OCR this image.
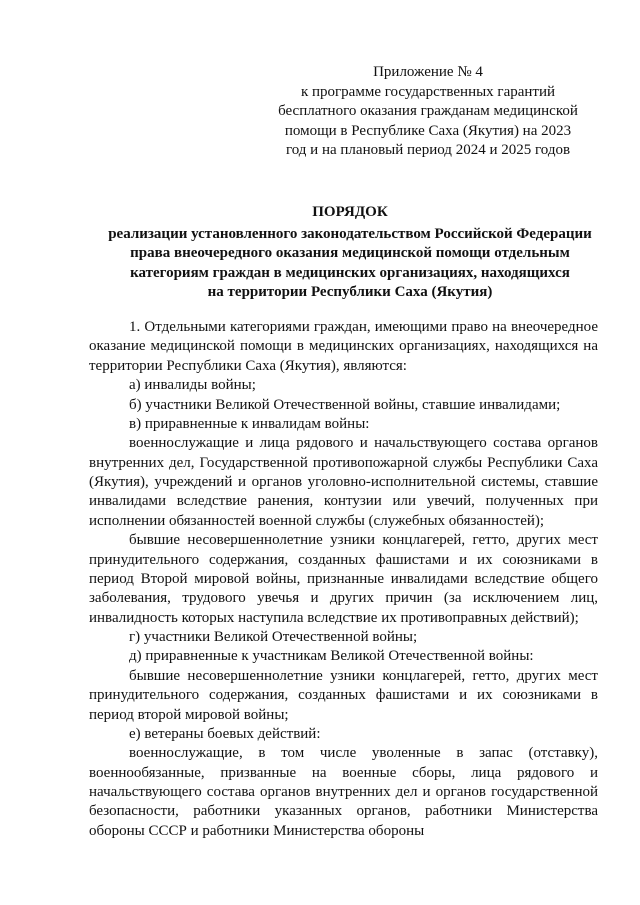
Приложение № 4
к программе государственных гарантий
бесплатного оказания гражданам медицинской
помощи в Республике Саха (Якутия) на 2023
год и на плановый период 2024 и 2025 годов
ПОРЯДОК
реализации установленного законодательством Российской Федерации
права внеочередного оказания медицинской помощи отдельным
категориям граждан в медицинских организациях, находящихся
на территории Республики Саха (Якутия)

1. Отдельными категориями граждан, имеющими право на внеочередное оказание медицинской помощи в медицинских организациях, находящихся на территории Республики Саха (Якутия), являются:

а) инвалиды войны;

б) участники Великой Отечественной войны, ставшие инвалидами;

в) приравненные к инвалидам войны:

военнослужащие и лица рядового и начальствующего состава органов внутренних дел, Государственной противопожарной службы Республики Саха (Якутия), учреждений и органов уголовно-исполнительной системы, ставшие инвалидами вследствие ранения, контузии или увечий, полученных при исполнении обязанностей военной службы (служебных обязанностей);

бывшие несовершеннолетние узники концлагерей, гетто, других мест принудительного содержания, созданных фашистами и их союзниками в период Второй мировой войны, признанные инвалидами вследствие общего заболевания, трудового увечья и других причин (за исключением лиц, инвалидность которых наступила вследствие их противоправных действий);

г) участники Великой Отечественной войны;

д) приравненные к участникам Великой Отечественной войны:

бывшие несовершеннолетние узники концлагерей, гетто, других мест принудительного содержания, созданных фашистами и их союзниками в период второй мировой войны;

е) ветераны боевых действий:

военнослужащие, в том числе уволенные в запас (отставку), военнообязанные, призванные на военные сборы, лица рядового и начальствующего состава органов внутренних дел и органов государственной безопасности, работники указанных органов, работники Министерства обороны СССР и работники Министерства обороны
